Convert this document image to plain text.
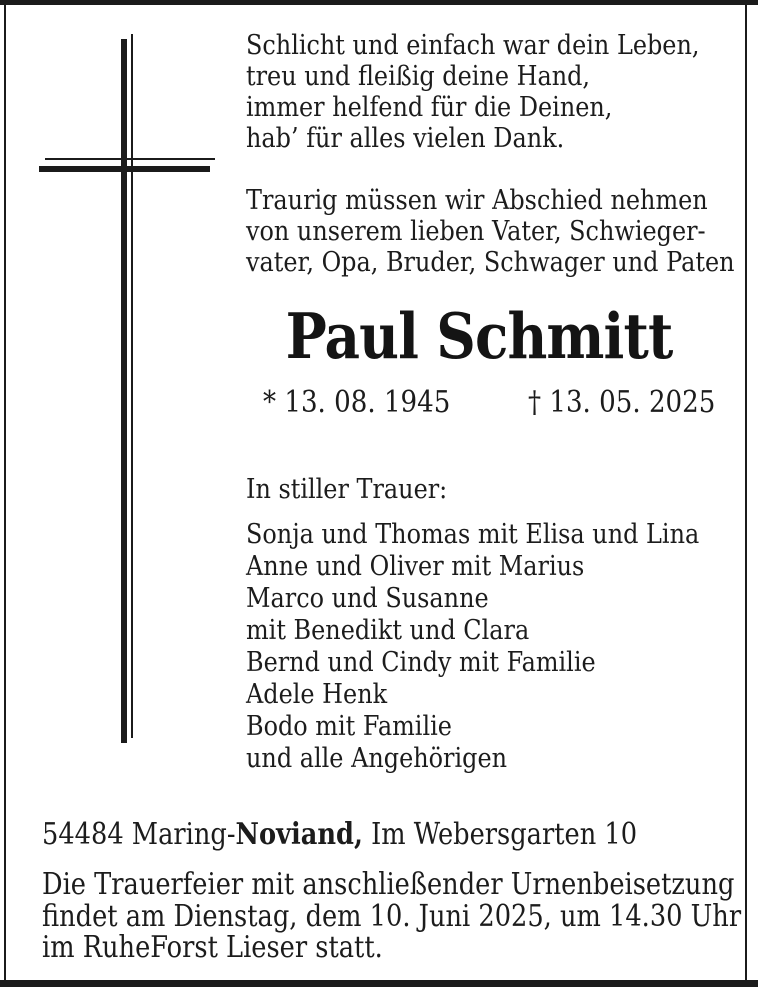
Schlicht und einfach war dein Leben,
treu und fleißig deine Hand,
immer helfend für die Deinen,
hab’ für alles vielen Dank.
Traurig müssen wir Abschied nehmen
von unserem lieben Vater, Schwieger-
vater, Opa, Bruder, Schwager und Paten
Paul Schmitt
* 13. 08. 1945	† 13. 05. 2025
In stiller Trauer:
Sonja und Thomas mit Elisa und Lina
Anne und Oliver mit Marius
Marco und Susanne
mit Benedikt und Clara
Bernd und Cindy mit Familie
Adele Henk
Bodo mit Familie
und alle Angehörigen
54484 Maring-Noviand, Im Webersgarten 10
Die Trauerfeier mit anschließender Urnenbeisetzung
findet am Dienstag, dem 10. Juni 2025, um 14.30 Uhr
im RuheForst Lieser statt.
